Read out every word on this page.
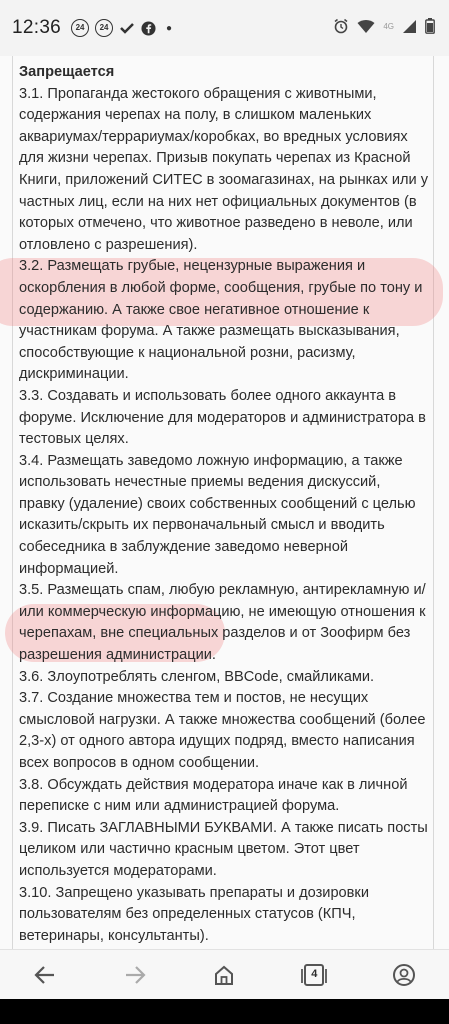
12:36	24	24	●	4G
Запрещается

3.1. Пропаганда жестокого обращения с животными, содержания черепах на полу, в слишком маленьких аквариумах/террариумах/коробках, во вредных условиях для жизни черепах. Призыв покупать черепах из Красной Книги, приложений СИТЕС в зоомагазинах, на рынках или у частных лиц, если на них нет официальных документов (в которых отмечено, что животное разведено в неволе, или отловлено с разрешения).

3.2. Размещать грубые, нецензурные выражения и оскорбления в любой форме, сообщения, грубые по тону и содержанию. А также свое негативное отношение к участникам форума. А также размещать высказывания, способствующие к национальной розни, расизму, дискриминации.

3.3. Создавать и использовать более одного аккаунта в форуме. Исключение для модераторов и администратора в тестовых целях.

3.4. Размещать заведомо ложную информацию, а также использовать нечестные приемы ведения дискуссий, правку (удаление) своих собственных сообщений с целью исказить/скрыть их первоначальный смысл и вводить собеседника в заблуждение заведомо неверной информацией.

3.5. Размещать спам, любую рекламную, антирекламную и/или коммерческую информацию, не имеющую отношения к черепахам, вне специальных разделов и от Зоофирм без разрешения администрации.

3.6. Злоупотреблять сленгом, BBCode, смайликами.

3.7. Создание множества тем и постов, не несущих смысловой нагрузки. А также множества сообщений (более 2,3-х) от одного автора идущих подряд, вместо написания всех вопросов в одном сообщении.

3.8. Обсуждать действия модератора иначе как в личной переписке с ним или администрацией форума.

3.9. Писать ЗАГЛАВНЫМИ БУКВАМИ. А также писать посты целиком или частично красным цветом. Этот цвет используется модераторами.

3.10. Запрещено указывать препараты и дозировки пользователям без определенных статусов (КПЧ, ветеринары, консультанты).

4
